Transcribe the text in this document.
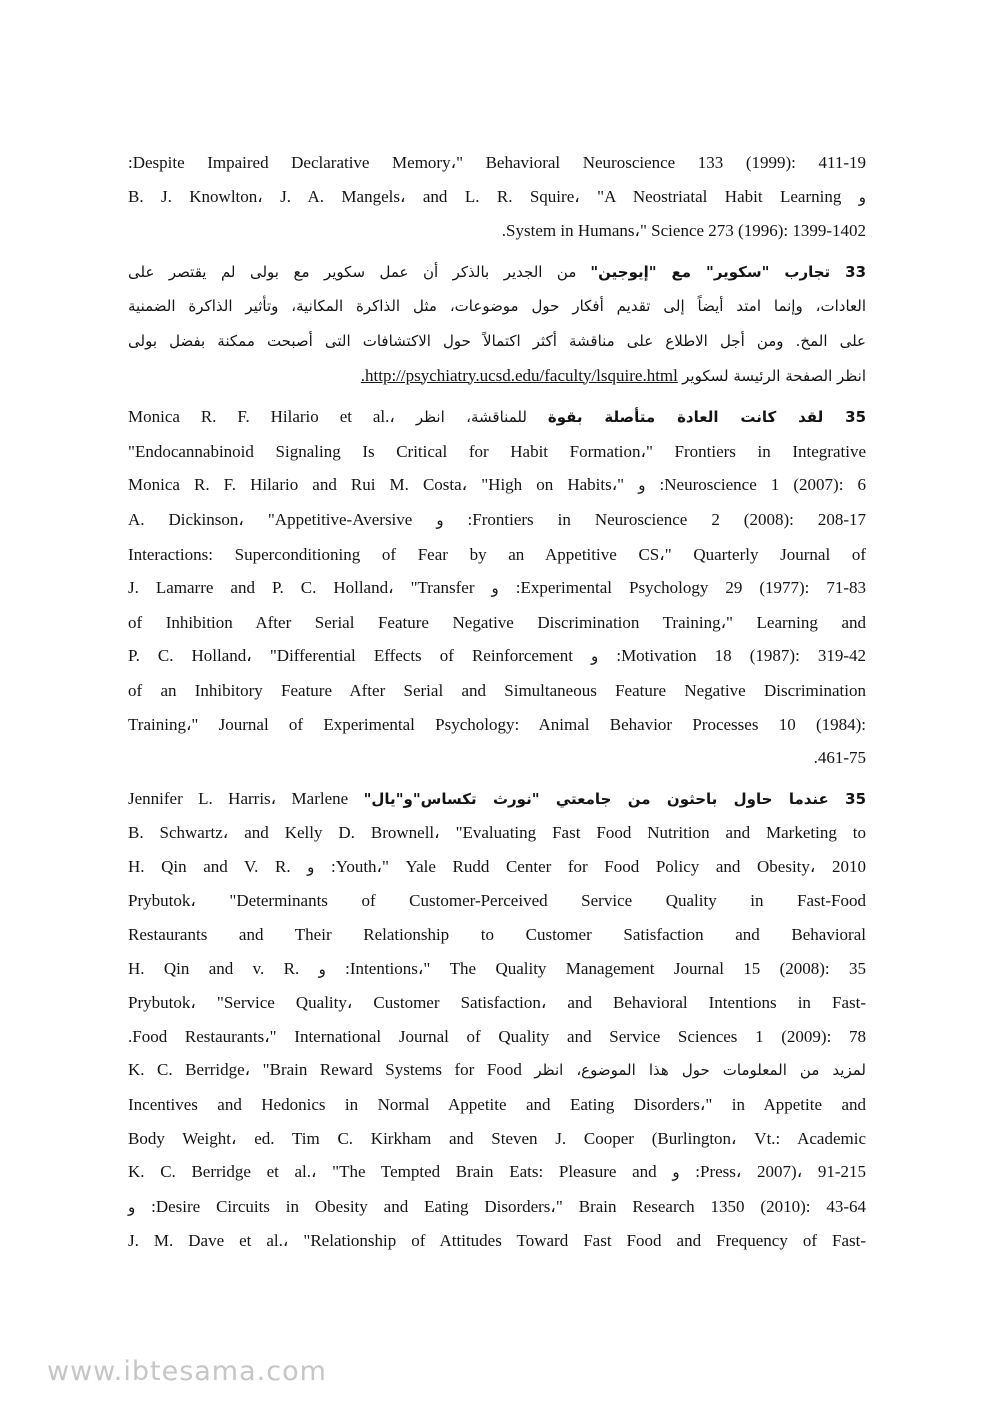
:Despite Impaired Declarative Memory،" Behavioral Neuroscience 133 (1999): 411-19
B. J. Knowlton، J. A. Mangels، and L. R. Squire، "A Neostriatal Habit Learning و
.System in Humans،" Science 273 (1996): 1399-1402
من الجدير بالذكر أن عمل سكوير مع بولى لم يقتصر على 33 تجارب "سكوير" مع "إيوجين"
العادات، وإنما امتد أيضاً إلى تقديم أفكار حول موضوعات، مثل الذاكرة المكانية، وتأثير الذاكرة الضمنية
على المخ. ومن أجل الاطلاع على مناقشة أكثر اكتمالاً حول الاكتشافات التى أصبحت ممكنة بفضل بولى
.http://psychiatry.ucsd.edu/faculty/lsquire.html انظر الصفحة الرئيسة لسكوير
Monica R. F. Hilario et al.، للمناقشة، انظر 35 لقد كانت العادة متأصلة بقوة
"Endocannabinoid Signaling Is Critical for Habit Formation،" Frontiers in Integrative
Monica R. F. Hilario and Rui M. Costa، "High on Habits،" و :Neuroscience 1 (2007): 6
A. Dickinson، "Appetitive-Aversive و :Frontiers in Neuroscience 2 (2008): 208-17
Interactions: Superconditioning of Fear by an Appetitive CS،" Quarterly Journal of
J. Lamarre and P. C. Holland، "Transfer و :Experimental Psychology 29 (1977): 71-83
of Inhibition After Serial Feature Negative Discrimination Training،" Learning and
P. C. Holland، "Differential Effects of Reinforcement و :Motivation 18 (1987): 319-42
of an Inhibitory Feature After Serial and Simultaneous Feature Negative Discrimination
Training،" Journal of Experimental Psychology: Animal Behavior Processes 10 (1984):
.461-75
Jennifer L. Harris، Marlene 35 عندما حاول باحثون من جامعتي "نورث تكساس"و"يال"
B. Schwartz، and Kelly D. Brownell، "Evaluating Fast Food Nutrition and Marketing to
H. Qin and V. R. و :Youth،" Yale Rudd Center for Food Policy and Obesity، 2010
Prybutok، "Determinants of Customer-Perceived Service Quality in Fast-Food
Restaurants and Their Relationship to Customer Satisfaction and Behavioral
H. Qin and v. R. و :Intentions،" The Quality Management Journal 15 (2008): 35
Prybutok، "Service Quality، Customer Satisfaction، and Behavioral Intentions in Fast-
.Food Restaurants،" International Journal of Quality and Service Sciences 1 (2009): 78
K. C. Berridge، "Brain Reward Systems for Food لمزيد من المعلومات حول هذا الموضوع، انظر
Incentives and Hedonics in Normal Appetite and Eating Disorders،" in Appetite and
Body Weight، ed. Tim C. Kirkham and Steven J. Cooper (Burlington، Vt.: Academic
K. C. Berridge et al.، "The Tempted Brain Eats: Pleasure and و :Press، 2007)، 91-215
و :Desire Circuits in Obesity and Eating Disorders،" Brain Research 1350 (2010): 43-64
J. M. Dave et al.، "Relationship of Attitudes Toward Fast Food and Frequency of Fast-
www.ibtesama.com
